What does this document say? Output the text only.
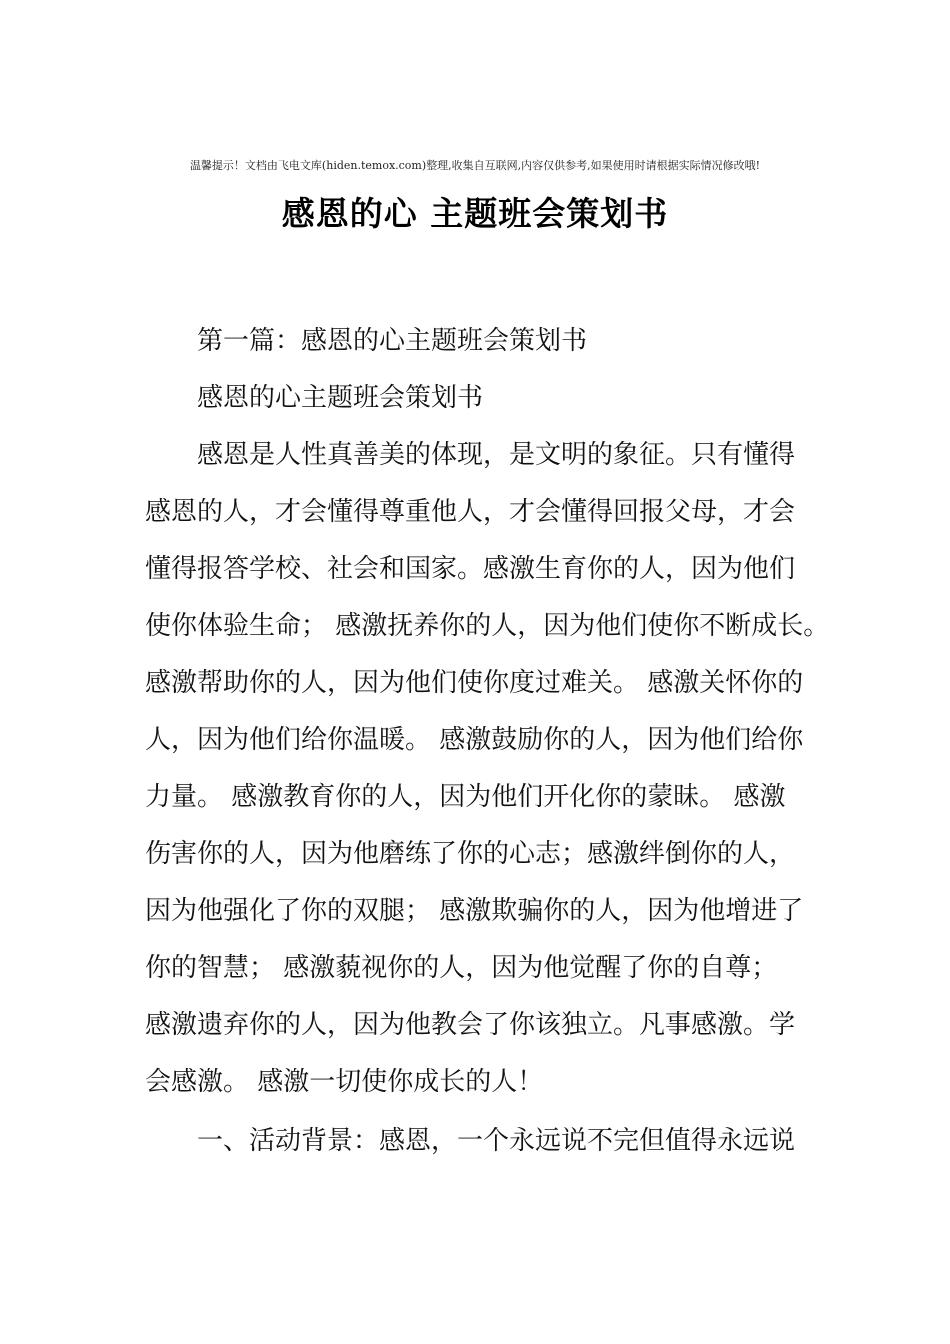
温馨提示！文档由飞电文库(hiden.temox.com)整理,收集自互联网,内容仅供参考,如果使用时请根据实际情况修改哦!
感恩的心 主题班会策划书

第一篇：感恩的心主题班会策划书

感恩的心主题班会策划书

感恩是人性真善美的体现，是文明的象征。只有懂得

感恩的人，才会懂得尊重他人，才会懂得回报父母，才会

懂得报答学校、社会和国家。感激生育你的人，因为他们

使你体验生命； 感激抚养你的人，因为他们使你不断成长。

感激帮助你的人，因为他们使你度过难关。 感激关怀你的

人，因为他们给你温暖。 感激鼓励你的人，因为他们给你

力量。 感激教育你的人，因为他们开化你的蒙昧。 感激

伤害你的人，因为他磨练了你的心志；感激绊倒你的人，

因为他强化了你的双腿； 感激欺骗你的人，因为他增进了

你的智慧； 感激藐视你的人，因为他觉醒了你的自尊；

感激遗弃你的人，因为他教会了你该独立。凡事感激。学

会感激。 感激一切使你成长的人！

一、活动背景：感恩，一个永远说不完但值得永远说
